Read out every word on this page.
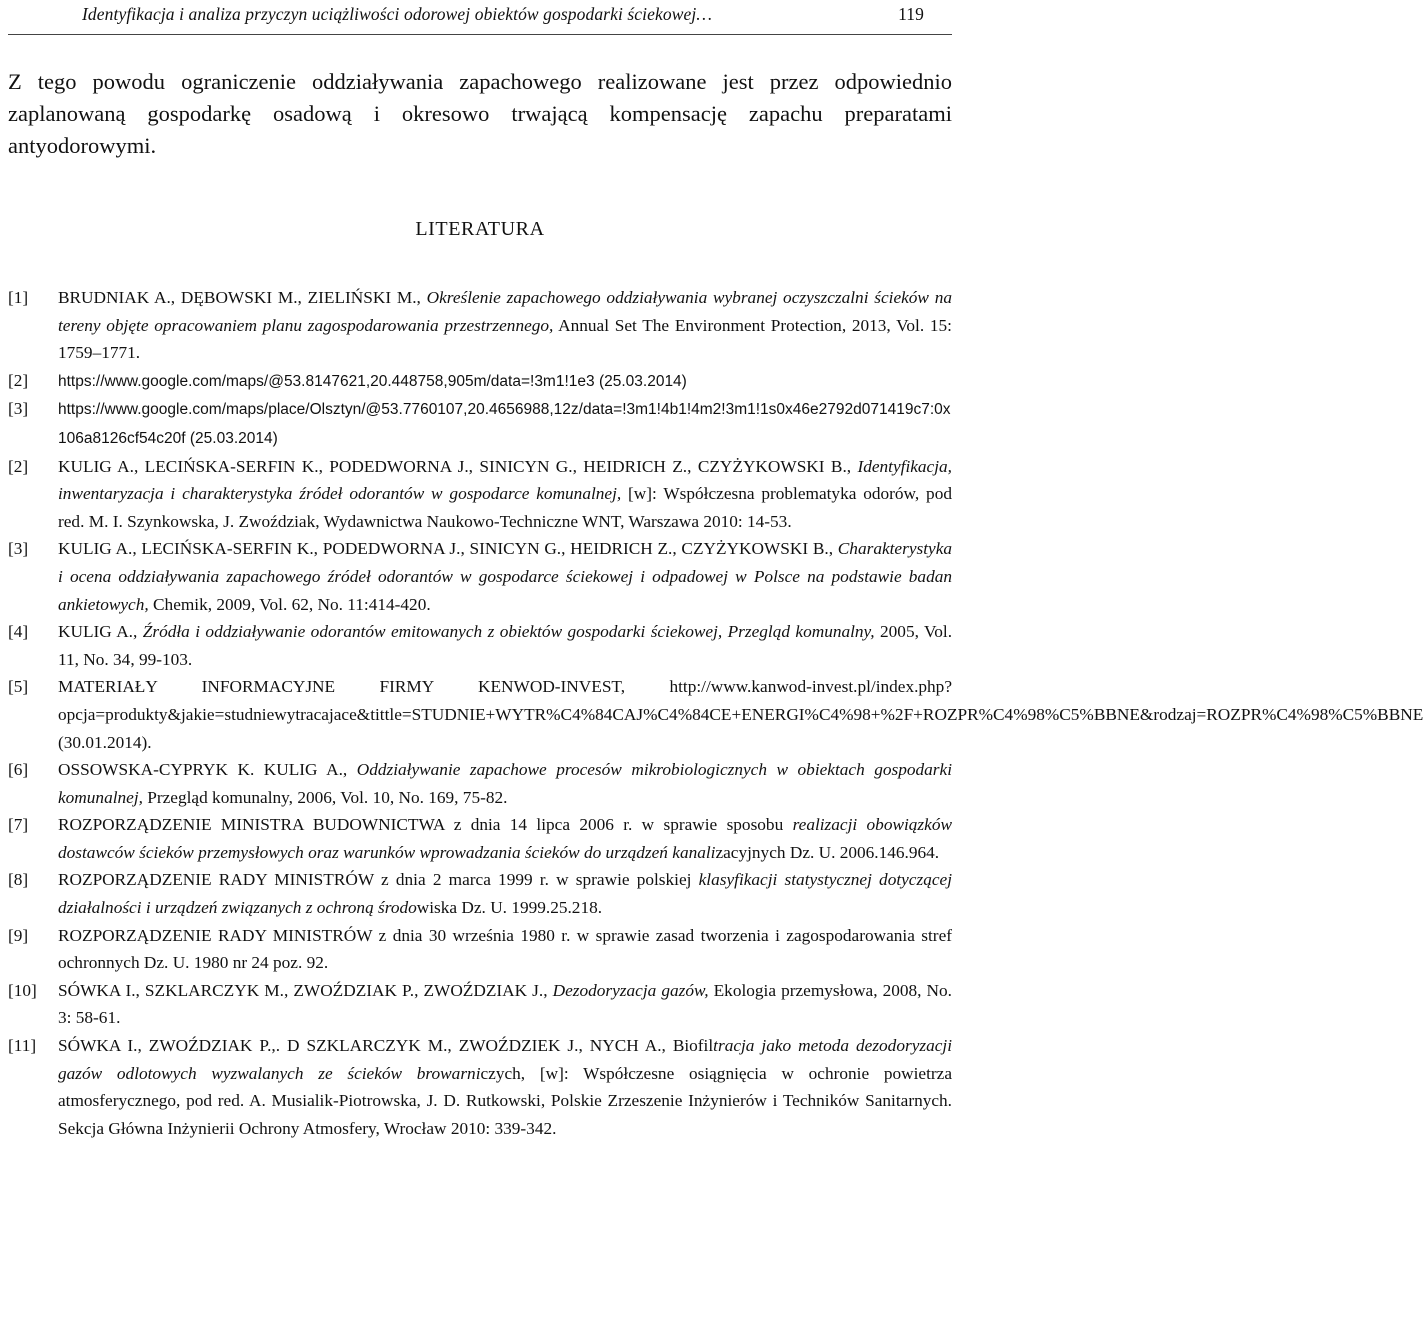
Identyfikacja i analiza przyczyn uciążliwości odorowej obiektów gospodarki ściekowej…	119

Z tego powodu ograniczenie oddziaływania zapachowego realizowane jest przez odpowiednio zaplanowaną gospodarkę osadową i okresowo trwającą kompensację zapachu preparatami antyodorowymi.

LITERATURA
[1] BRUDNIAK A., DĘBOWSKI M., ZIELIŃSKI M., Określenie zapachowego oddziaływania wybranej oczyszczalni ścieków na tereny objęte opracowaniem planu zagospodarowania przestrzennego, Annual Set The Environment Protection, 2013, Vol. 15: 1759–1771.
[2] https://www.google.com/maps/@53.8147621,20.448758,905m/data=!3m1!1e3 (25.03.2014)
[3] https://www.google.com/maps/place/Olsztyn/@53.7760107,20.4656988,12z/data=!3m1!4b1!4m2!3m1!1s0x46e2792d071419c7:0x106a8126cf54c20f (25.03.2014)
[2] KULIG A., LECIŃSKA-SERFIN K., PODEDWORNA J., SINICYN G., HEIDRICH Z., CZYŻYKOWSKI B., Identyfikacja, inwentaryzacja i charakterystyka źródeł odorantów w gospodarce komunalnej, [w]: Współczesna problematyka odorów, pod red. M. I. Szynkowska, J. Zwoździak, Wydawnictwa Naukowo-Techniczne WNT, Warszawa 2010: 14-53.
[3] KULIG A., LECIŃSKA-SERFIN K., PODEDWORNA J., SINICYN G., HEIDRICH Z., CZYŻYKOWSKI B., Charakterystyka i ocena oddziaływania zapachowego źródeł odorantów w gospodarce ściekowej i odpadowej w Polsce na podstawie badan ankietowych, Chemik, 2009, Vol. 62, No. 11:414-420.
[4] KULIG A., Źródła i oddziaływanie odorantów emitowanych z obiektów gospodarki ściekowej, Przegląd komunalny, 2005, Vol. 11, No. 34, 99-103.
[5] MATERIAŁY INFORMACYJNE FIRMY KENWOD-INVEST, http://www.kanwod-invest.pl/index.php?opcja=produkty&jakie=studniewytracajace&tittle=STUDNIE+WYTR%C4%84CAJ%C4%84CE+ENERGI%C4%98+%2F+ROZPR%C4%98%C5%BBNE&rodzaj=ROZPR%C4%98%C5%BBNE (30.01.2014).
[6] OSSOWSKA-CYPRYK K. KULIG A., Oddziaływanie zapachowe procesów mikrobiologicznych w obiektach gospodarki komunalnej, Przegląd komunalny, 2006, Vol. 10, No. 169, 75-82.
[7] ROZPORZĄDZENIE MINISTRA BUDOWNICTWA z dnia 14 lipca 2006 r. w sprawie sposobu realizacji obowiązków dostawców ścieków przemysłowych oraz warunków wprowadzania ścieków do urządzeń kanalizacyjnych Dz. U. 2006.146.964.
[8] ROZPORZĄDZENIE RADY MINISTRÓW z dnia 2 marca 1999 r. w sprawie polskiej klasyfikacji statystycznej dotyczącej działalności i urządzeń związanych z ochroną środowiska Dz. U. 1999.25.218.
[9] ROZPORZĄDZENIE RADY MINISTRÓW z dnia 30 września 1980 r. w sprawie zasad tworzenia i zagospodarowania stref ochronnych Dz. U. 1980 nr 24 poz. 92.
[10] SÓWKA I., SZKLARCZYK M., ZWOŹDZIAK P., ZWOŹDZIAK J., Dezodoryzacja gazów, Ekologia przemysłowa, 2008, No. 3: 58-61.
[11] SÓWKA I., ZWOŹDZIAK P.,. D SZKLARCZYK M., ZWOŹDZIEK J., NYCH A., Biofiltracja jako metoda dezodoryzacji gazów odlotowych wyzwalanych ze ścieków browarniczych, [w]: Współczesne osiągnięcia w ochronie powietrza atmosferycznego, pod red. A. Musialik-Piotrowska, J. D. Rutkowski, Polskie Zrzeszenie Inżynierów i Techników Sanitarnych. Sekcja Główna Inżynierii Ochrony Atmosfery, Wrocław 2010: 339-342.
